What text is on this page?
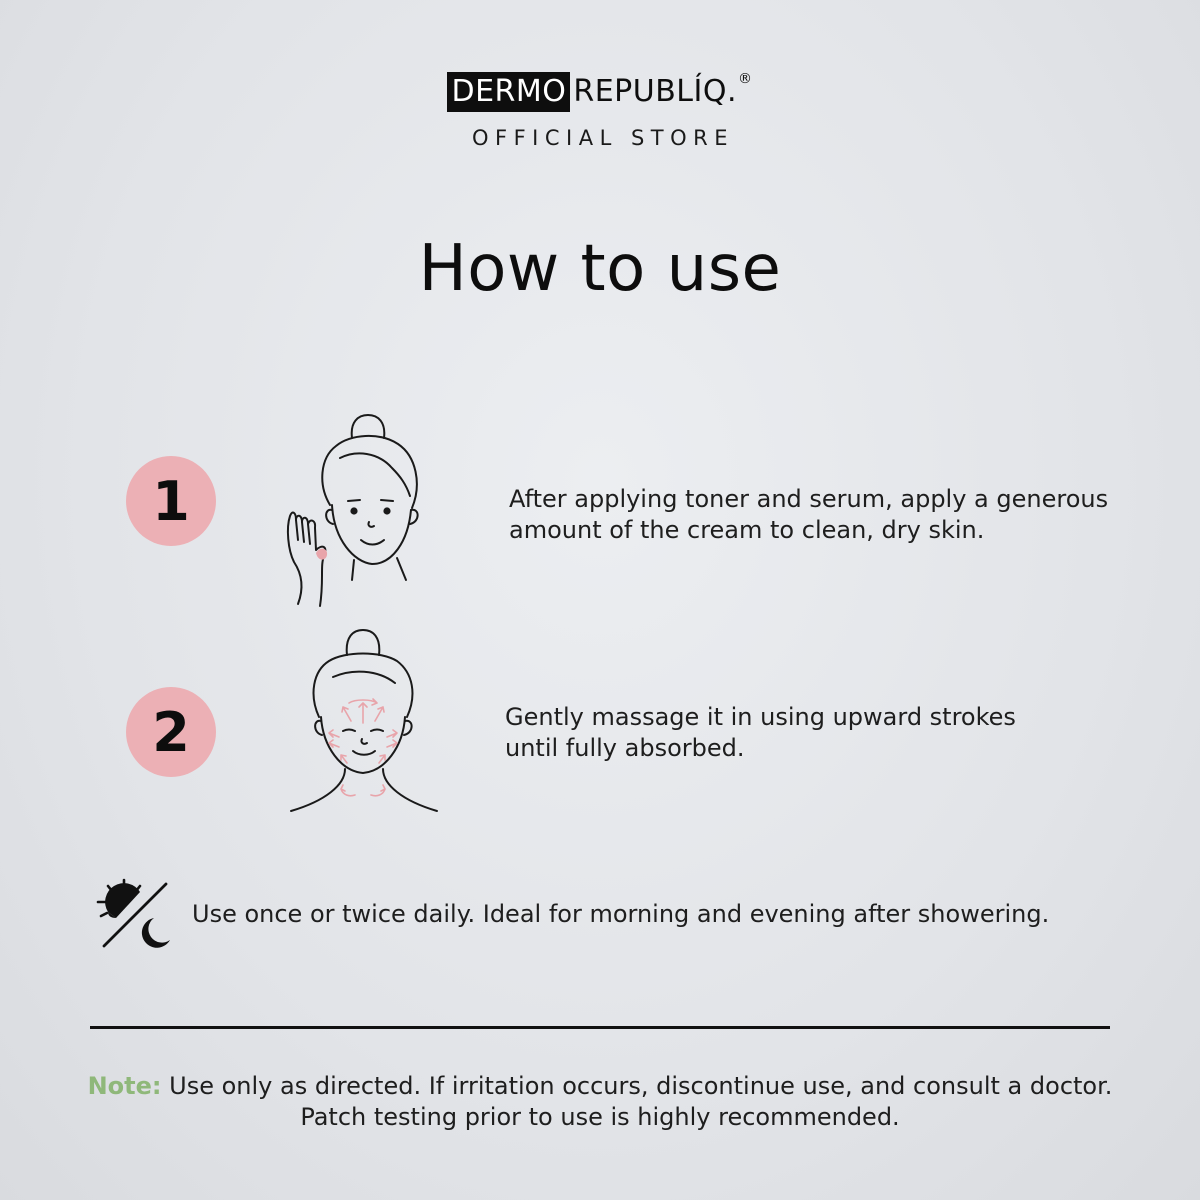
DERMO REPUBLÍQ. ®
OFFICIAL STORE
How to use
1	After applying toner and serum, apply a generous
amount of the cream to clean, dry skin.
2	Gently massage it in using upward strokes
until fully absorbed.
Use once or twice daily. Ideal for morning and evening after showering.
Note: Use only as directed. If irritation occurs, discontinue use, and consult a doctor.
Patch testing prior to use is highly recommended.
